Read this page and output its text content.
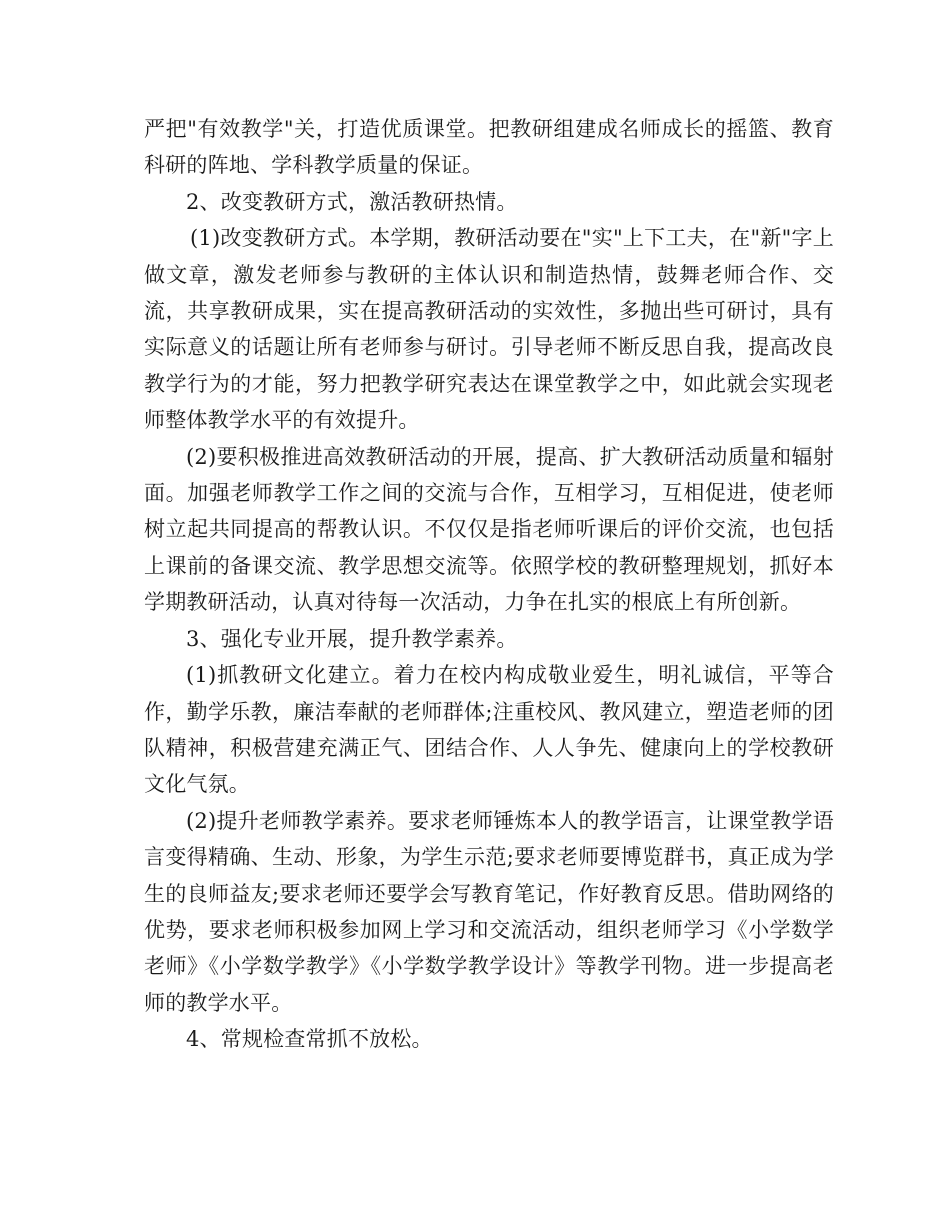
严把"有效教学"关，打造优质课堂。把教研组建成名师成长的摇篮、教育科研的阵地、学科教学质量的保证。

2、改变教研方式，激活教研热情。

(1)改变教研方式。本学期，教研活动要在"实"上下工夫，在"新"字上做文章，激发老师参与教研的主体认识和制造热情，鼓舞老师合作、交流，共享教研成果，实在提高教研活动的实效性，多抛出些可研讨，具有实际意义的话题让所有老师参与研讨。引导老师不断反思自我，提高改良教学行为的才能，努力把教学研究表达在课堂教学之中，如此就会实现老师整体教学水平的有效提升。

(2)要积极推进高效教研活动的开展，提高、扩大教研活动质量和辐射面。加强老师教学工作之间的交流与合作，互相学习，互相促进，使老师树立起共同提高的帮教认识。不仅仅是指老师听课后的评价交流，也包括上课前的备课交流、教学思想交流等。依照学校的教研整理规划，抓好本学期教研活动，认真对待每一次活动，力争在扎实的根底上有所创新。

3、强化专业开展，提升教学素养。

(1)抓教研文化建立。着力在校内构成敬业爱生，明礼诚信，平等合作，勤学乐教，廉洁奉献的老师群体;注重校风、教风建立，塑造老师的团队精神，积极营建充满正气、团结合作、人人争先、健康向上的学校教研文化气氛。

(2)提升老师教学素养。要求老师锤炼本人的教学语言，让课堂教学语言变得精确、生动、形象，为学生示范;要求老师要博览群书，真正成为学生的良师益友;要求老师还要学会写教育笔记，作好教育反思。借助网络的优势，要求老师积极参加网上学习和交流活动，组织老师学习《小学数学老师》《小学数学教学》《小学数学教学设计》等教学刊物。进一步提高老师的教学水平。

4、常规检查常抓不放松。
